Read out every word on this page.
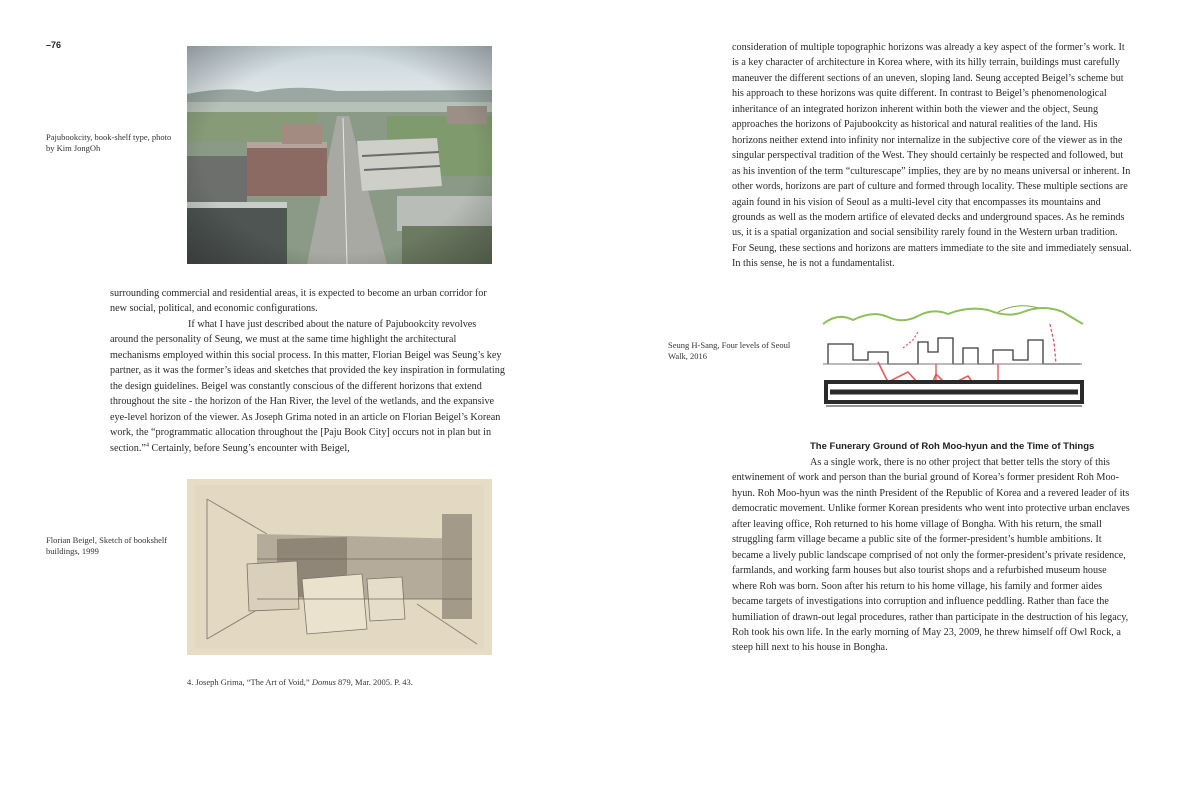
–76
Pajubookcity, book-shelf type, photo by Kim JongOh

surrounding commercial and residential areas, it is expected to become an urban corridor for new social, political, and economic configurations.

If what I have just described about the nature of Pajubookcity revolves around the personality of Seung, we must at the same time highlight the architectural mechanisms employed within this social process. In this matter, Florian Beigel was Seung’s key partner, as it was the former’s ideas and sketches that provided the key inspiration in formulating the design guidelines. Beigel was constantly conscious of the different horizons that extend throughout the site - the horizon of the Han River, the level of the wetlands, and the expansive eye-level horizon of the viewer. As Joseph Grima noted in an article on Florian Beigel’s Korean work, the “programmatic allocation throughout the [Paju Book City] occurs not in plan but in section.”$^4$ Certainly, before Seung’s encounter with Beigel,

Florian Beigel, Sketch of bookshelf buildings, 1999
4. Joseph Grima, “The Art of Void,” Domus 879, Mar. 2005. P. 43.

consideration of multiple topographic horizons was already a key aspect of the former’s work. It is a key character of architecture in Korea where, with its hilly terrain, buildings must carefully maneuver the different sections of an uneven, sloping land. Seung accepted Beigel’s scheme but his approach to these horizons was quite different. In contrast to Beigel’s phenomenological inheritance of an integrated horizon inherent within both the viewer and the object, Seung approaches the horizons of Pajubookcity as historical and natural realities of the land. His horizons neither extend into infinity nor internalize in the subjective core of the viewer as in the singular perspectival tradition of the West. They should certainly be respected and followed, but as his invention of the term “culturescape” implies, they are by no means universal or inherent. In other words, horizons are part of culture and formed through locality. These multiple sections are again found in his vision of Seoul as a multi-level city that encompasses its mountains and grounds as well as the modern artifice of elevated decks and underground spaces. As he reminds us, it is a spatial organization and social sensibility rarely found in the Western urban tradition. For Seung, these sections and horizons are matters immediate to the site and immediately sensual. In this sense, he is not a fundamentalist.

Seung H-Sang, Four levels of Seoul Walk, 2016
The Funerary Ground of Roh Moo-hyun and the Time of Things

As a single work, there is no other project that better tells the story of this entwinement of work and person than the burial ground of Korea’s former president Roh Moo-hyun. Roh Moo-hyun was the ninth President of the Republic of Korea and a revered leader of its democratic movement. Unlike former Korean presidents who went into protective urban enclaves after leaving office, Roh returned to his home village of Bongha. With his return, the small struggling farm village became a public site of the former-president’s humble ambitions. It became a lively public landscape comprised of not only the former-president’s private residence, farmlands, and working farm houses but also tourist shops and a refurbished museum house where Roh was born. Soon after his return to his home village, his family and former aides became targets of investigations into corruption and influence peddling. Rather than face the humiliation of drawn-out legal procedures, rather than participate in the destruction of his legacy, Roh took his own life. In the early morning of May 23, 2009, he threw himself off Owl Rock, a steep hill next to his house in Bongha.
